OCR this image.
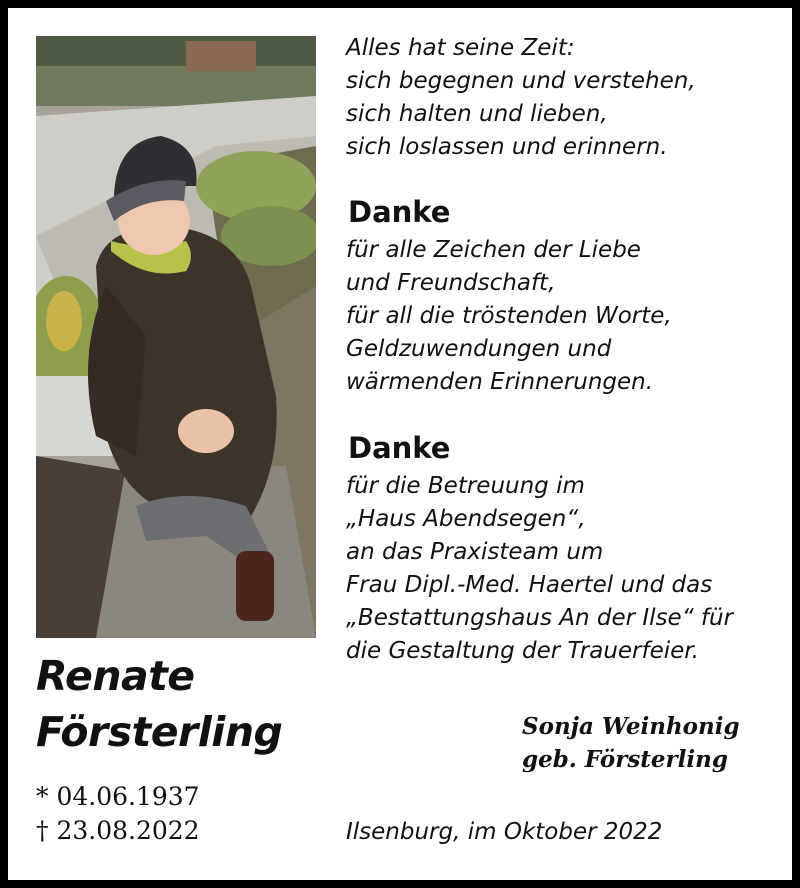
Renate
Försterling
* 04.06.1937
† 23.08.2022
Alles hat seine Zeit:
sich begegnen und verstehen,
sich halten und lieben,
sich loslassen und erinnern.
Danke
für alle Zeichen der Liebe
und Freundschaft,
für all die tröstenden Worte,
Geldzuwendungen und
wärmenden Erinnerungen.
Danke
für die Betreuung im
„Haus Abendsegen“,
an das Praxisteam um
Frau Dipl.-Med. Haertel und das
„Bestattungshaus An der Ilse“ für
die Gestaltung der Trauerfeier.
Sonja Weinhonig
geb. Försterling
Ilsenburg, im Oktober 2022
